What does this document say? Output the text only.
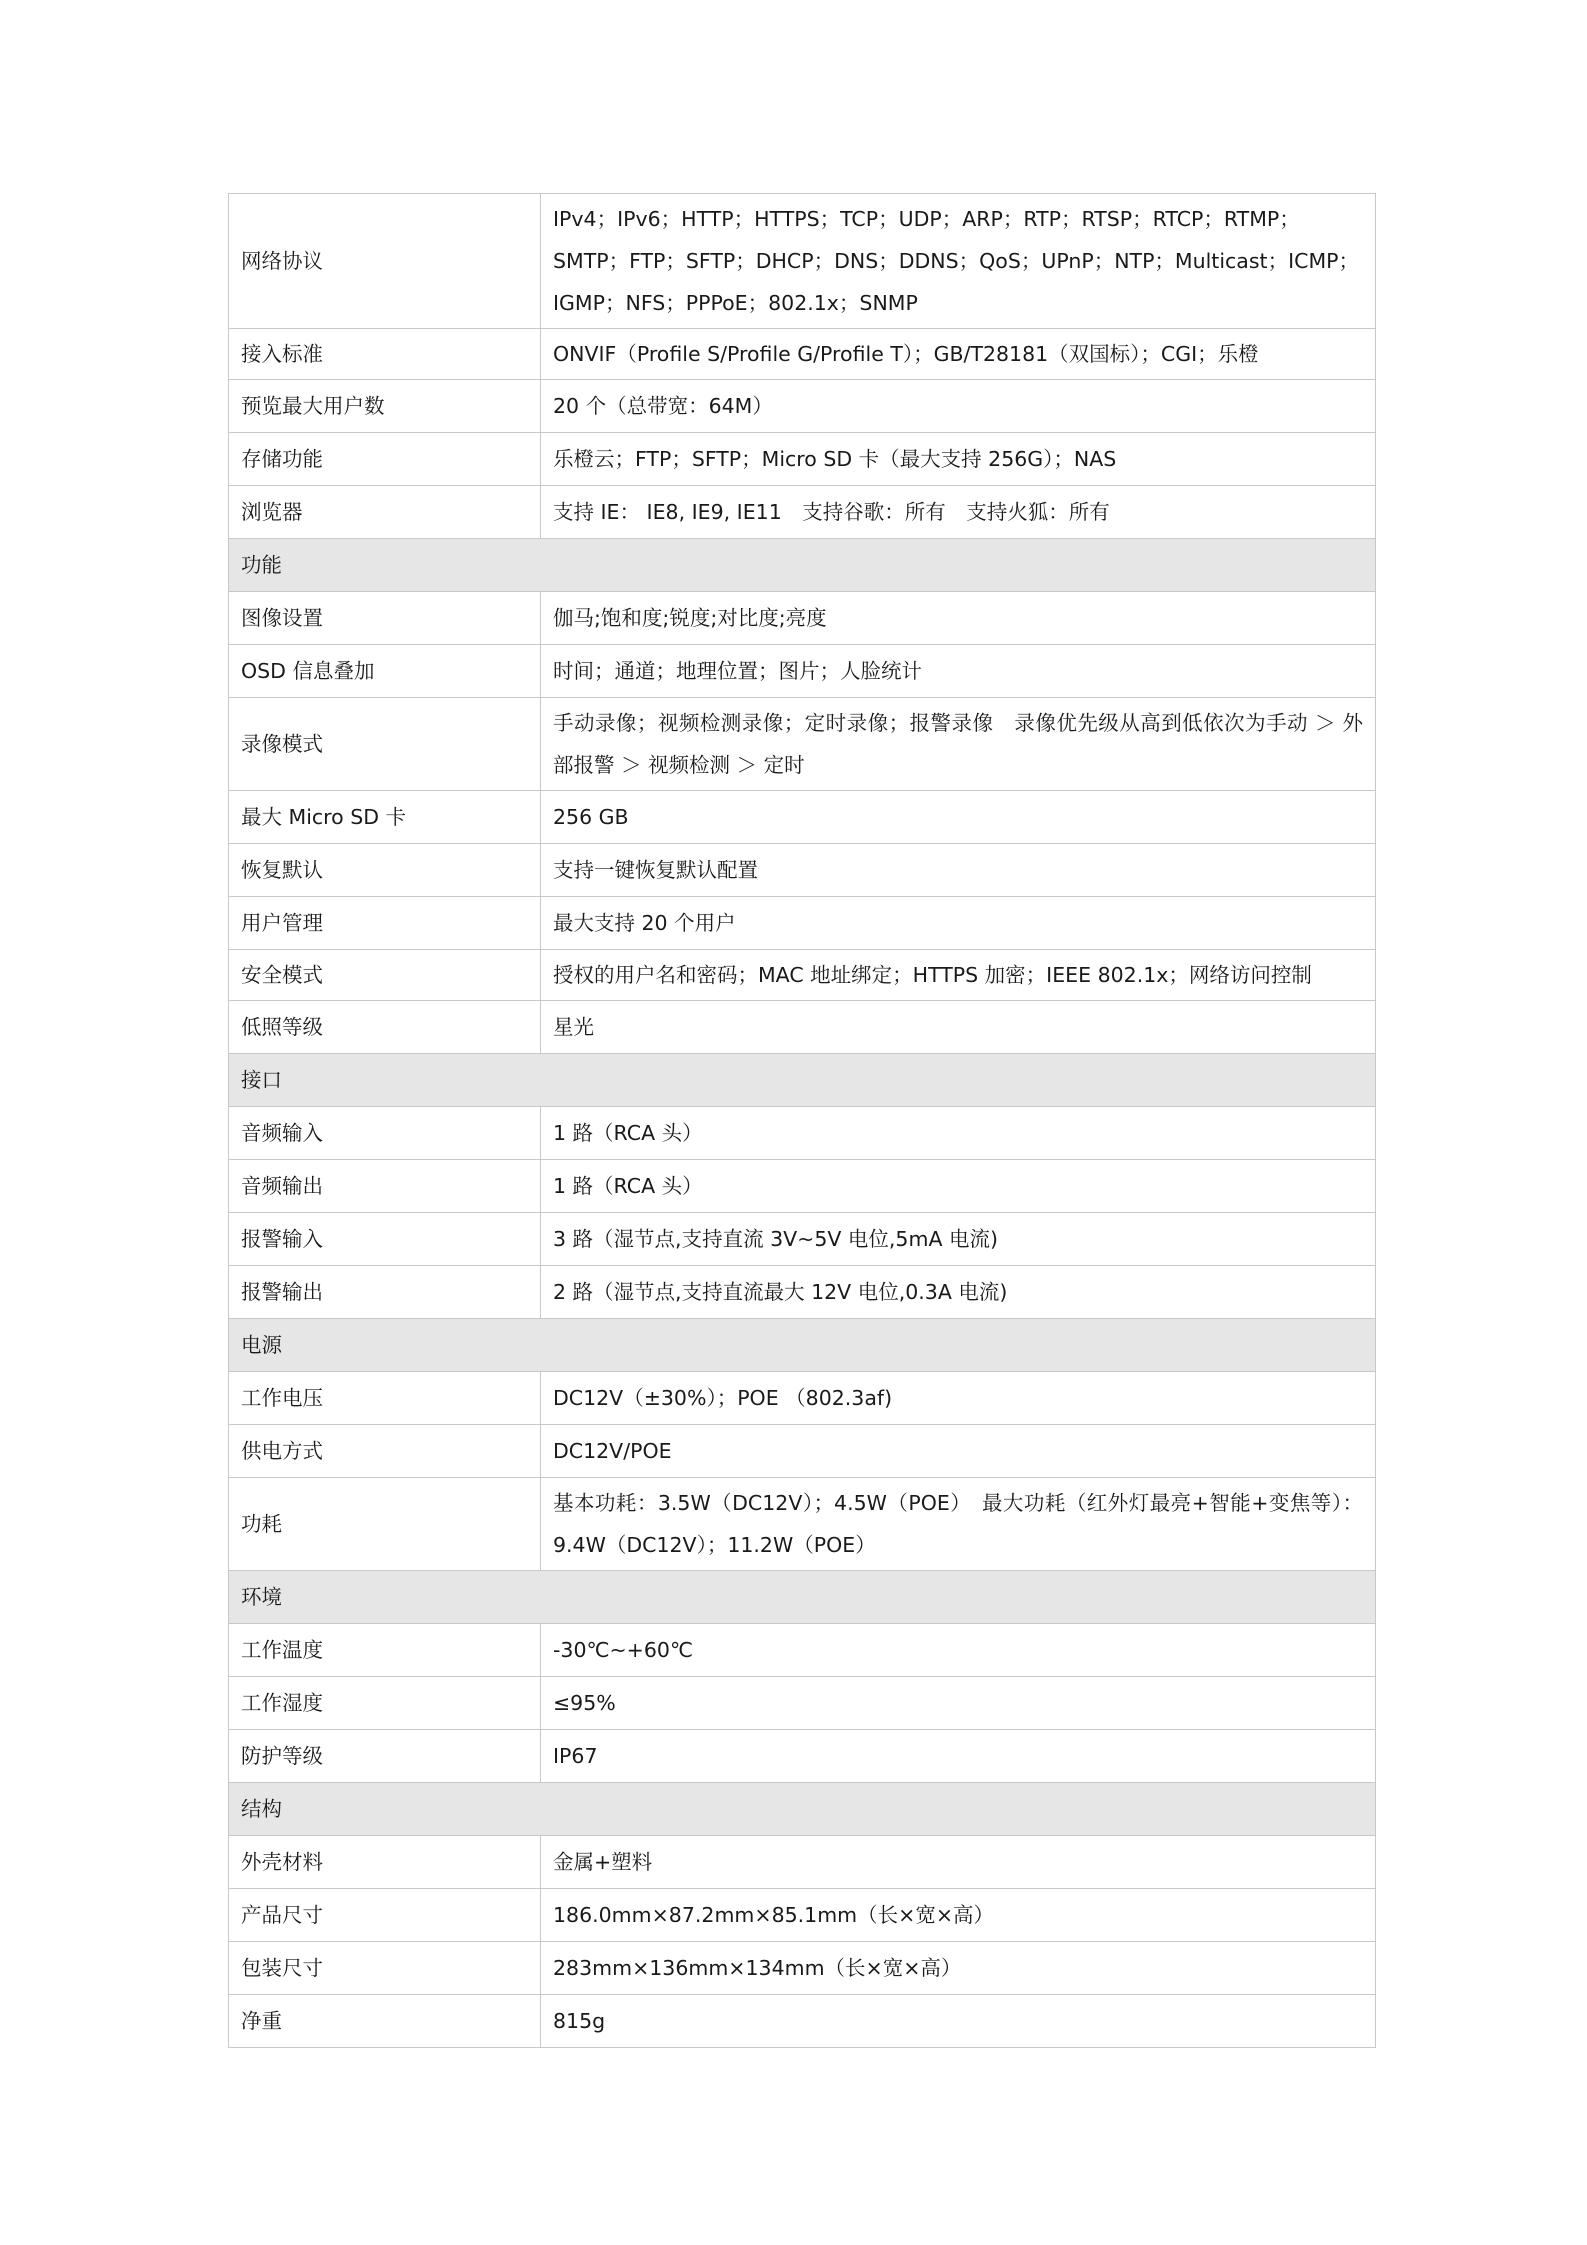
网络协议	IPv4；IPv6；HTTP；HTTPS；TCP；UDP；ARP；RTP；RTSP；RTCP；RTMP；SMTP；FTP；SFTP；DHCP；DNS；DDNS；QoS；UPnP；NTP；Multicast；ICMP；IGMP；NFS；PPPoE；802.1x；SNMP
接入标准	ONVIF（Profile S/Profile G/Profile T）；GB/T28181（双国标）；CGI；乐橙
预览最大用户数	20 个（总带宽：64M）
存储功能	乐橙云；FTP；SFTP；Micro SD 卡（最大支持 256G）；NAS
浏览器	支持 IE： IE8, IE9, IE11　支持谷歌：所有　支持火狐：所有
功能	
图像设置	伽马;饱和度;锐度;对比度;亮度
OSD 信息叠加	时间；通道；地理位置；图片；人脸统计
录像模式	手动录像；视频检测录像；定时录像；报警录像　录像优先级从高到低依次为手动 ＞ 外部报警 ＞ 视频检测 ＞ 定时
最大 Micro SD 卡	256 GB
恢复默认	支持一键恢复默认配置
用户管理	最大支持 20 个用户
安全模式	授权的用户名和密码；MAC 地址绑定；HTTPS 加密；IEEE 802.1x；网络访问控制
低照等级	星光
接口	
音频输入	1 路（RCA 头）
音频输出	1 路（RCA 头）
报警输入	3 路（湿节点,支持直流 3V~5V 电位,5mA 电流)
报警输出	2 路（湿节点,支持直流最大 12V 电位,0.3A 电流)
电源	
工作电压	DC12V（±30%）；POE （802.3af)
供电方式	DC12V/POE
功耗	基本功耗：3.5W（DC12V）；4.5W（POE）　最大功耗（红外灯最亮+智能+变焦等）：9.4W（DC12V）；11.2W（POE）
环境	
工作温度	-30℃~+60℃
工作湿度	≤95%
防护等级	IP67
结构	
外壳材料	金属+塑料
产品尺寸	186.0mm×87.2mm×85.1mm（长×宽×高）
包装尺寸	283mm×136mm×134mm（长×宽×高）
净重	815g
